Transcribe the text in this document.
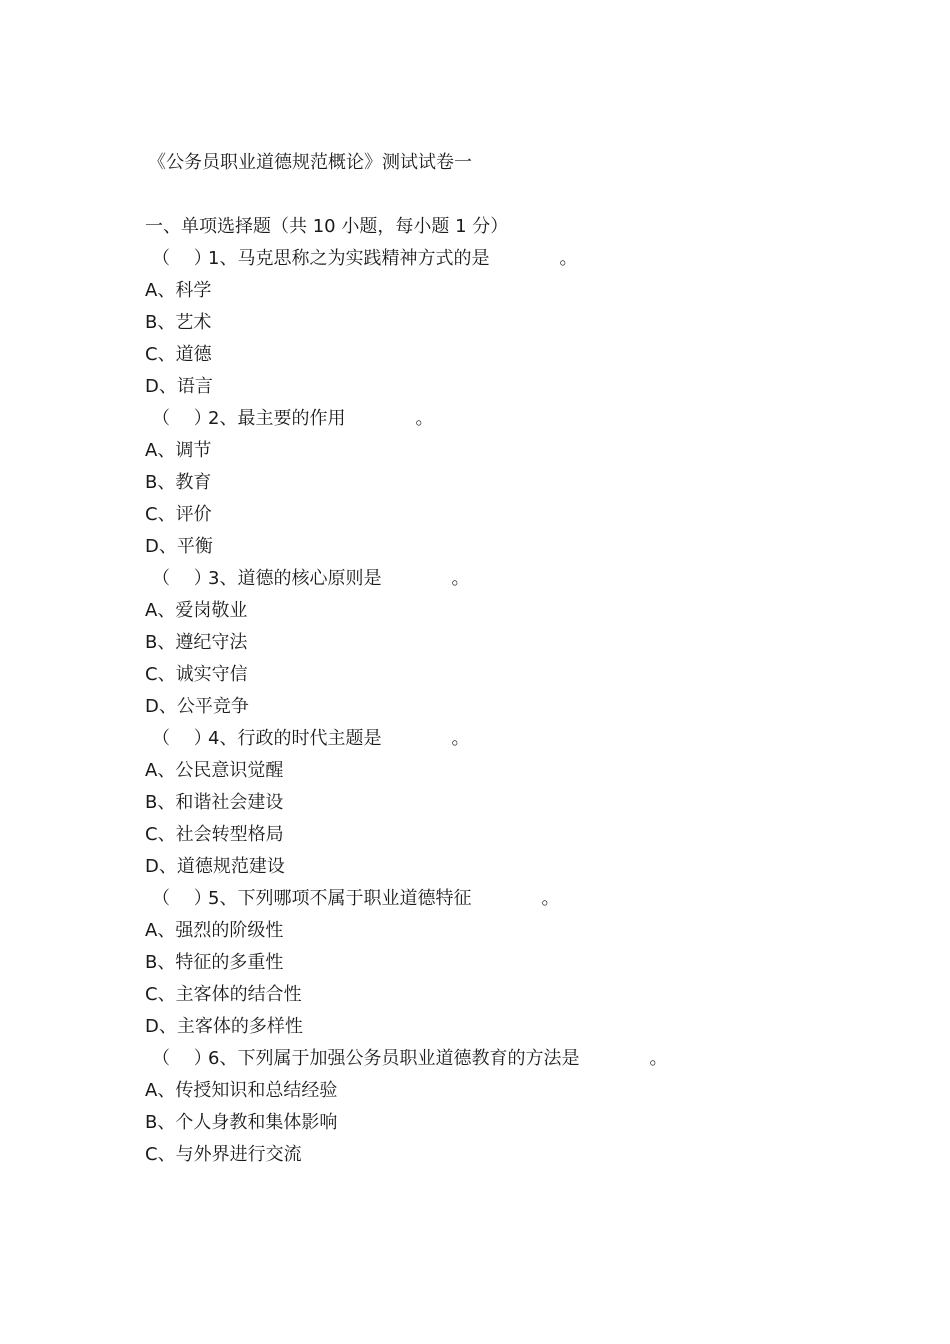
《公务员职业道德规范概论》测试试卷一
一、单项选择题（共 10 小题，每小题 1 分）
（　 ）1、马克思称之为实践精神方式的是	。
A、科学
B、艺术
C、道德
D、语言
（　 ）2、最主要的作用	。
A、调节
B、教育
C、评价
D、平衡
（　 ）3、道德的核心原则是	。
A、爱岗敬业
B、遵纪守法
C、诚实守信
D、公平竞争
（　 ）4、行政的时代主题是	。
A、公民意识觉醒
B、和谐社会建设
C、社会转型格局
D、道德规范建设
（　 ）5、下列哪项不属于职业道德特征	。
A、强烈的阶级性
B、特征的多重性
C、主客体的结合性
D、主客体的多样性
（　 ）6、下列属于加强公务员职业道德教育的方法是	。
A、传授知识和总结经验
B、个人身教和集体影响
C、与外界进行交流
